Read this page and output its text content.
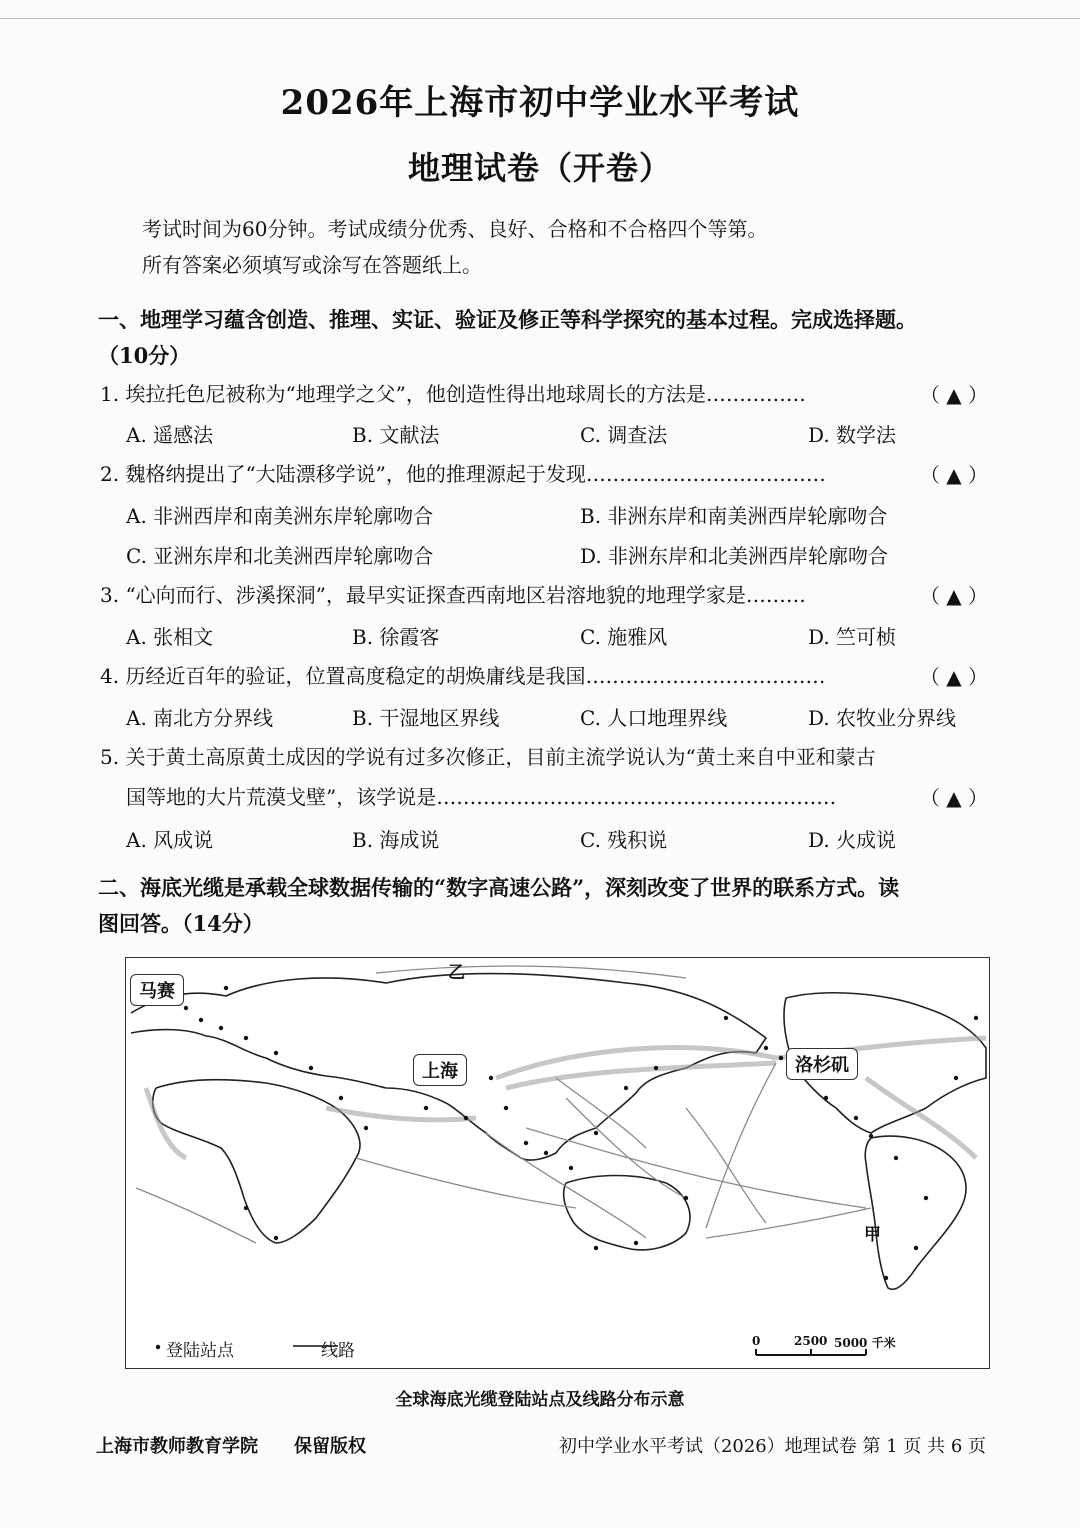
2026年上海市初中学业水平考试
地理试卷（开卷）
考试时间为60分钟。考试成绩分优秀、良好、合格和不合格四个等第。
所有答案必须填写或涂写在答题纸上。
一、地理学习蕴含创造、推理、实证、验证及修正等科学探究的基本过程。完成选择题。
（10分）
1. 埃拉托色尼被称为“地理学之父”，他创造性得出地球周长的方法是……………	（ ▲ ）
A. 遥感法	B. 文献法	C. 调查法	D. 数学法
2. 魏格纳提出了“大陆漂移学说”，他的推理源起于发现………………………………	（ ▲ ）
A. 非洲西岸和南美洲东岸轮廓吻合	B. 非洲东岸和南美洲西岸轮廓吻合
C. 亚洲东岸和北美洲西岸轮廓吻合	D. 非洲东岸和北美洲西岸轮廓吻合
3. “心向而行、涉溪探洞”，最早实证探查西南地区岩溶地貌的地理学家是………	（ ▲ ）
A. 张相文	B. 徐霞客	C. 施雅风	D. 竺可桢
4. 历经近百年的验证，位置高度稳定的胡焕庸线是我国………………………………	（ ▲ ）
A. 南北方分界线	B. 干湿地区界线	C. 人口地理界线	D. 农牧业分界线
5. 关于黄土高原黄土成因的学说有过多次修正，目前主流学说认为“黄土来自中亚和蒙古
国等地的大片荒漠戈壁”，该学说是……………………………………………………	（ ▲ ）
A. 风成说	B. 海成说	C. 残积说	D. 火成说
二、海底光缆是承载全球数据传输的“数字高速公路”，深刻改变了世界的联系方式。读
图回答。（14分）
马赛
上海	洛杉矶
乙
甲
登陆站点	线路	0	2500 5000 千米
全球海底光缆登陆站点及线路分布示意
上海市教师教育学院　　保留版权	初中学业水平考试（2026）地理试卷 第 1 页 共 6 页
